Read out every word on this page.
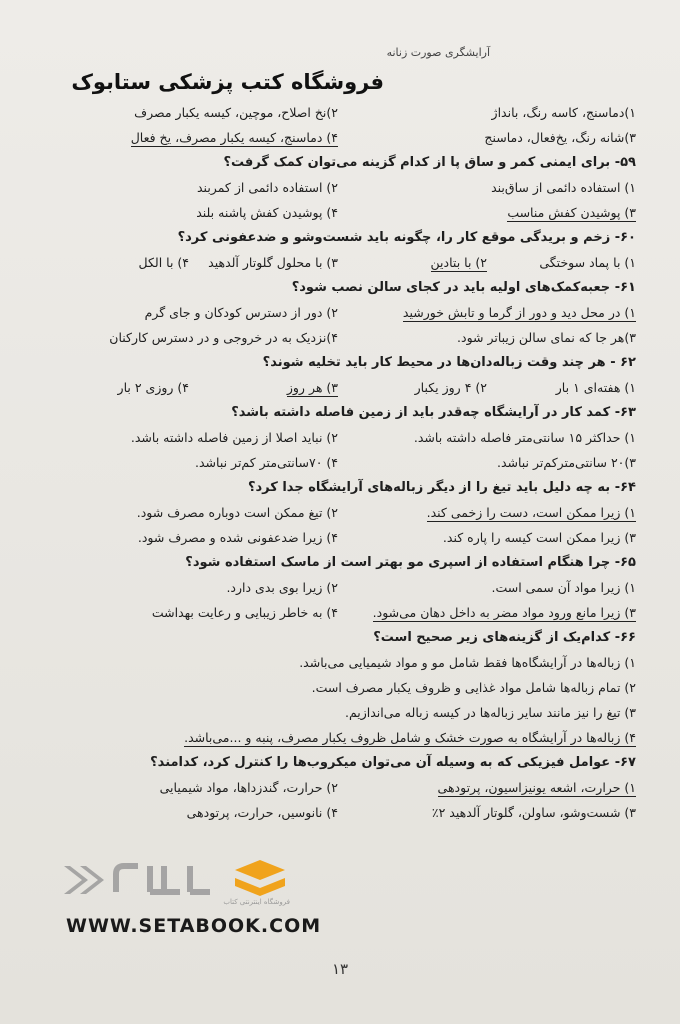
آرایشگری صورت زنانه
فروشگاه کتب پزشکی ستابوک
۱)دماسنج، کاسه رنگ، بانداژ
۲)نخ اصلاح، موچین، کیسه یکبار مصرف
۳)شانه رنگ، یخ‌فعال، دماسنج
۴) دماسنج، کیسه یکبار مصرف، یخ فعال
۵۹- برای ایمنی کمر و ساق پا از کدام گزینه می‌توان کمک گرفت؟
۱) استفاده دائمی از ساق‌بند
۲) استفاده دائمی از کمربند
۳) پوشیدن کفش مناسب
۴) پوشیدن کفش پاشنه بلند
۶۰- زخم و بریدگی موقع کار را، چگونه باید شست‌وشو و ضدعفونی کرد؟
۱) با پماد سوختگی
۲) با بتادین
۳) با محلول گلوتار آلدهید
۴) با الکل
۶۱- جعبه‌کمک‌های اولیه باید در کجای سالن نصب شود؟
۱) در محل دید و دور از گرما و تابش خورشید
۲) دور از دسترس کودکان و جای گرم
۳)هر جا که نمای سالن زیباتر شود.
۴)نزدیک به در خروجی و در دسترس کارکنان
۶۲ - هر چند وقت زباله‌دان‌ها در محیط کار باید تخلیه شوند؟
۱) هفته‌ای ۱ بار
۲) ۴ روز یکبار
۳) هر روز
۴) روزی ۲ بار
۶۳- کمد کار در آرایشگاه چه‌قدر باید از زمین فاصله داشته باشد؟
۱) حداکثر ۱۵ سانتی‌متر فاصله داشته باشد.
۲) نباید اصلا از زمین فاصله داشته باشد.
۳)۲۰ سانتی‌مترکم‌تر نباشد.
۴) ۷۰سانتی‌متر کم‌تر نباشد.
۶۴- به چه دلیل باید تیغ را از دیگر زباله‌های آرایشگاه جدا کرد؟
۱) زیرا ممکن است، دست را زخمی کند.
۲) تیغ ممکن است دوباره مصرف شود.
۳) زیرا ممکن است کیسه را پاره کند.
۴) زیرا ضدعفونی شده و مصرف شود.
۶۵- چرا هنگام استفاده از اسپری مو بهتر است از ماسک استفاده شود؟
۱) زیرا مواد آن سمی است.
۲) زیرا بوی بدی دارد.
۳) زیرا مانع ورود مواد مضر به داخل دهان می‌شود.
۴) به خاطر زیبایی و رعایت بهداشت
۶۶- کدام‌یک از گزینه‌های زیر صحیح است؟
۱) زباله‌ها در آرایشگاه‌ها فقط شامل مو و مواد شیمیایی می‌باشد.
۲) تمام زباله‌ها شامل مواد غذایی و ظروف یکبار مصرف است.
۳) تیغ را نیز مانند سایر زباله‌ها در کیسه زباله می‌اندازیم.
۴) زباله‌ها در آرایشگاه به صورت خشک و شامل ظروف یکبار مصرف، پنبه و ...می‌باشد.
۶۷- عوامل فیزیکی که به وسیله آن می‌توان میکروب‌ها را کنترل کرد، کدامند؟
۱) حرارت، اشعه یونیزاسیون، پرتودهی
۲) حرارت، گندزداها، مواد شیمیایی
۳) شست‌وشو، ساولن، گلوتار آلدهید ۲٪
۴) نانوسیں، حرارت، پرتودهی
فروشگاه اینترنتی کتاب
WWW.SETABOOK.COM
۱۳
